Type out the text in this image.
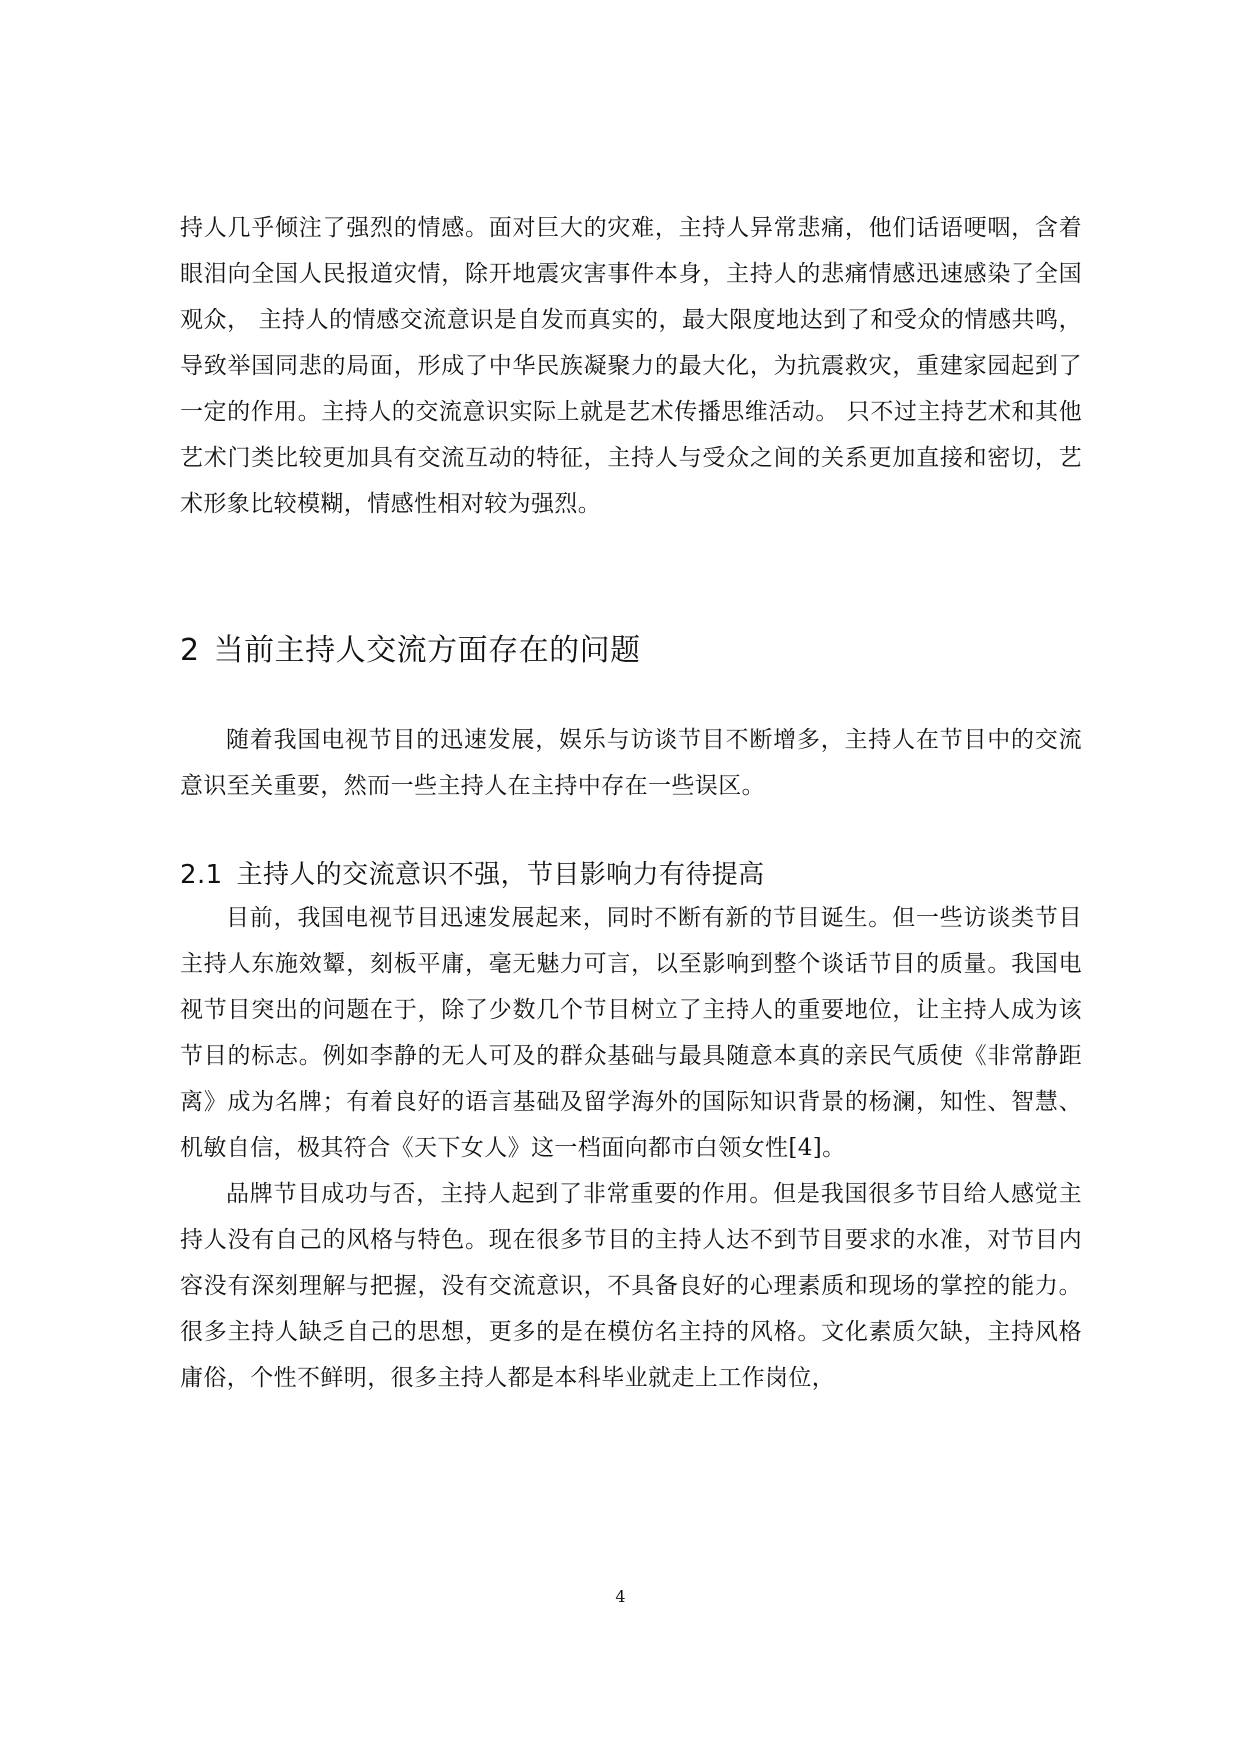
持人几乎倾注了强烈的情感。面对巨大的灾难，主持人异常悲痛，他们话语哽咽，含着眼泪向全国人民报道灾情，除开地震灾害事件本身，主持人的悲痛情感迅速感染了全国观众， 主持人的情感交流意识是自发而真实的，最大限度地达到了和受众的情感共鸣，导致举国同悲的局面，形成了中华民族凝聚力的最大化，为抗震救灾，重建家园起到了一定的作用。主持人的交流意识实际上就是艺术传播思维活动。 只不过主持艺术和其他艺术门类比较更加具有交流互动的特征，主持人与受众之间的关系更加直接和密切，艺术形象比较模糊，情感性相对较为强烈。

2 当前主持人交流方面存在的问题

随着我国电视节目的迅速发展，娱乐与访谈节目不断增多，主持人在节目中的交流意识至关重要，然而一些主持人在主持中存在一些误区。

2.1 主持人的交流意识不强，节目影响力有待提高

目前，我国电视节目迅速发展起来，同时不断有新的节目诞生。但一些访谈类节目主持人东施效颦，刻板平庸，毫无魅力可言，以至影响到整个谈话节目的质量。我国电视节目突出的问题在于，除了少数几个节目树立了主持人的重要地位，让主持人成为该节目的标志。例如李静的无人可及的群众基础与最具随意本真的亲民气质使《非常静距离》成为名牌；有着良好的语言基础及留学海外的国际知识背景的杨澜，知性、智慧、机敏自信，极其符合《天下女人》这一档面向都市白领女性[4]。

品牌节目成功与否，主持人起到了非常重要的作用。但是我国很多节目给人感觉主持人没有自己的风格与特色。现在很多节目的主持人达不到节目要求的水准，对节目内容没有深刻理解与把握，没有交流意识，不具备良好的心理素质和现场的掌控的能力。很多主持人缺乏自己的思想，更多的是在模仿名主持的风格。文化素质欠缺，主持风格庸俗，个性不鲜明，很多主持人都是本科毕业就走上工作岗位，

4
